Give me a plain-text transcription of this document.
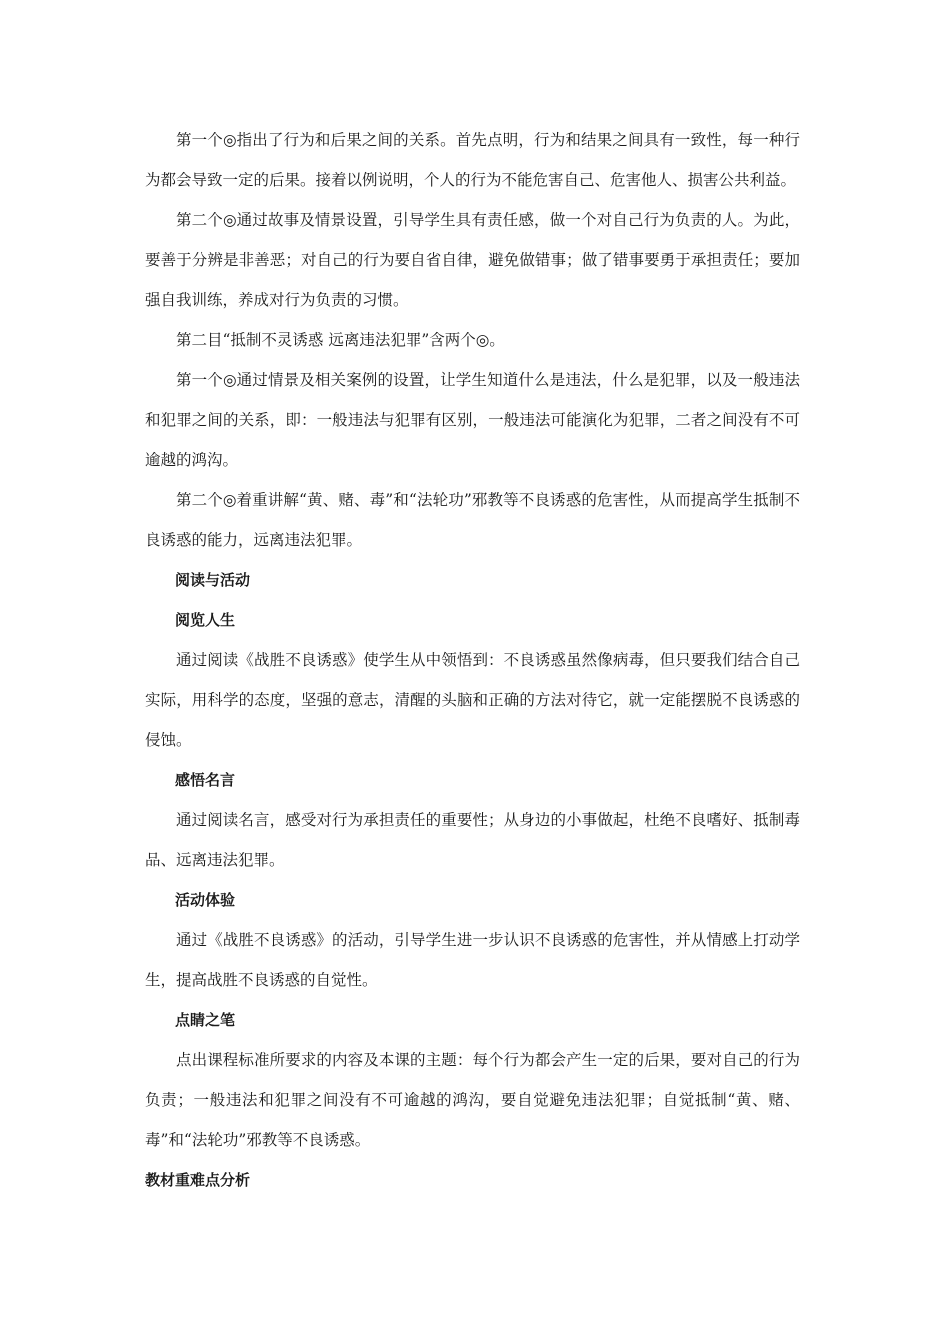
第一个◎指出了行为和后果之间的关系。首先点明，行为和结果之间具有一致性，每一种行为都会导致一定的后果。接着以例说明，个人的行为不能危害自己、危害他人、损害公共利益。

第二个◎通过故事及情景设置，引导学生具有责任感，做一个对自己行为负责的人。为此，要善于分辨是非善恶；对自己的行为要自省自律，避免做错事；做了错事要勇于承担责任；要加强自我训练，养成对行为负责的习惯。

第二目“抵制不灵诱惑 远离违法犯罪”含两个◎。

第一个◎通过情景及相关案例的设置，让学生知道什么是违法，什么是犯罪，以及一般违法和犯罪之间的关系，即：一般违法与犯罪有区别，一般违法可能演化为犯罪，二者之间没有不可逾越的鸿沟。

第二个◎着重讲解“黄、赌、毒”和“法轮功”邪教等不良诱惑的危害性，从而提高学生抵制不良诱惑的能力，远离违法犯罪。

阅读与活动

阅览人生

通过阅读《战胜不良诱惑》使学生从中领悟到：不良诱惑虽然像病毒，但只要我们结合自己实际，用科学的态度，坚强的意志，清醒的头脑和正确的方法对待它，就一定能摆脱不良诱惑的侵蚀。

感悟名言

通过阅读名言，感受对行为承担责任的重要性；从身边的小事做起，杜绝不良嗜好、抵制毒品、远离违法犯罪。

活动体验

通过《战胜不良诱惑》的活动，引导学生进一步认识不良诱惑的危害性，并从情感上打动学生，提高战胜不良诱惑的自觉性。

点睛之笔

点出课程标准所要求的内容及本课的主题：每个行为都会产生一定的后果，要对自己的行为负责；一般违法和犯罪之间没有不可逾越的鸿沟，要自觉避免违法犯罪；自觉抵制“黄、赌、毒”和“法轮功”邪教等不良诱惑。

教材重难点分析
